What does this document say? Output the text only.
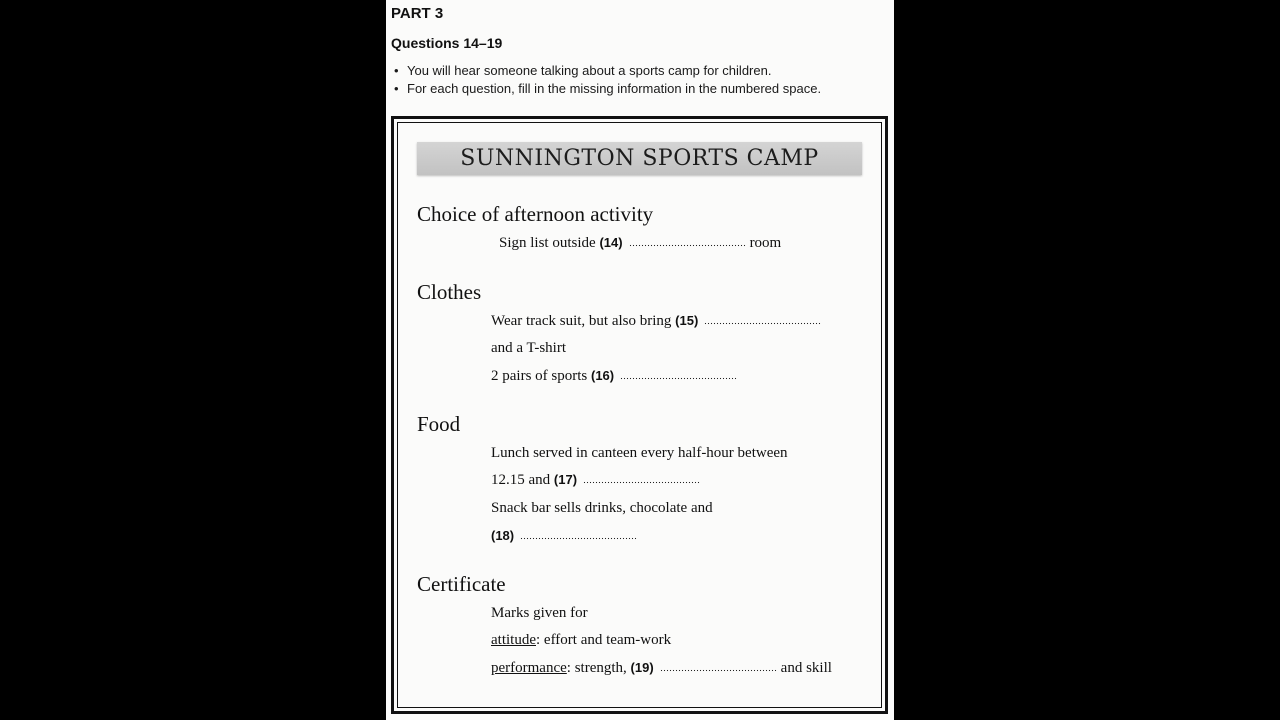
PART 3
Questions 14–19
• You will hear someone talking about a sports camp for children.
• For each question, fill in the missing information in the numbered space.
SUNNINGTON SPORTS CAMP
Choice of afternoon activity
Sign list outside (14)	room
Clothes
Wear track suit, but also bring (15)
and a T-shirt
2 pairs of sports (16)
Food
Lunch served in canteen every half-hour between
12.15 and (17)
Snack bar sells drinks, chocolate and
(18)
Certificate
Marks given for
attitude: effort and team-work
performance: strength, (19)	and skill
